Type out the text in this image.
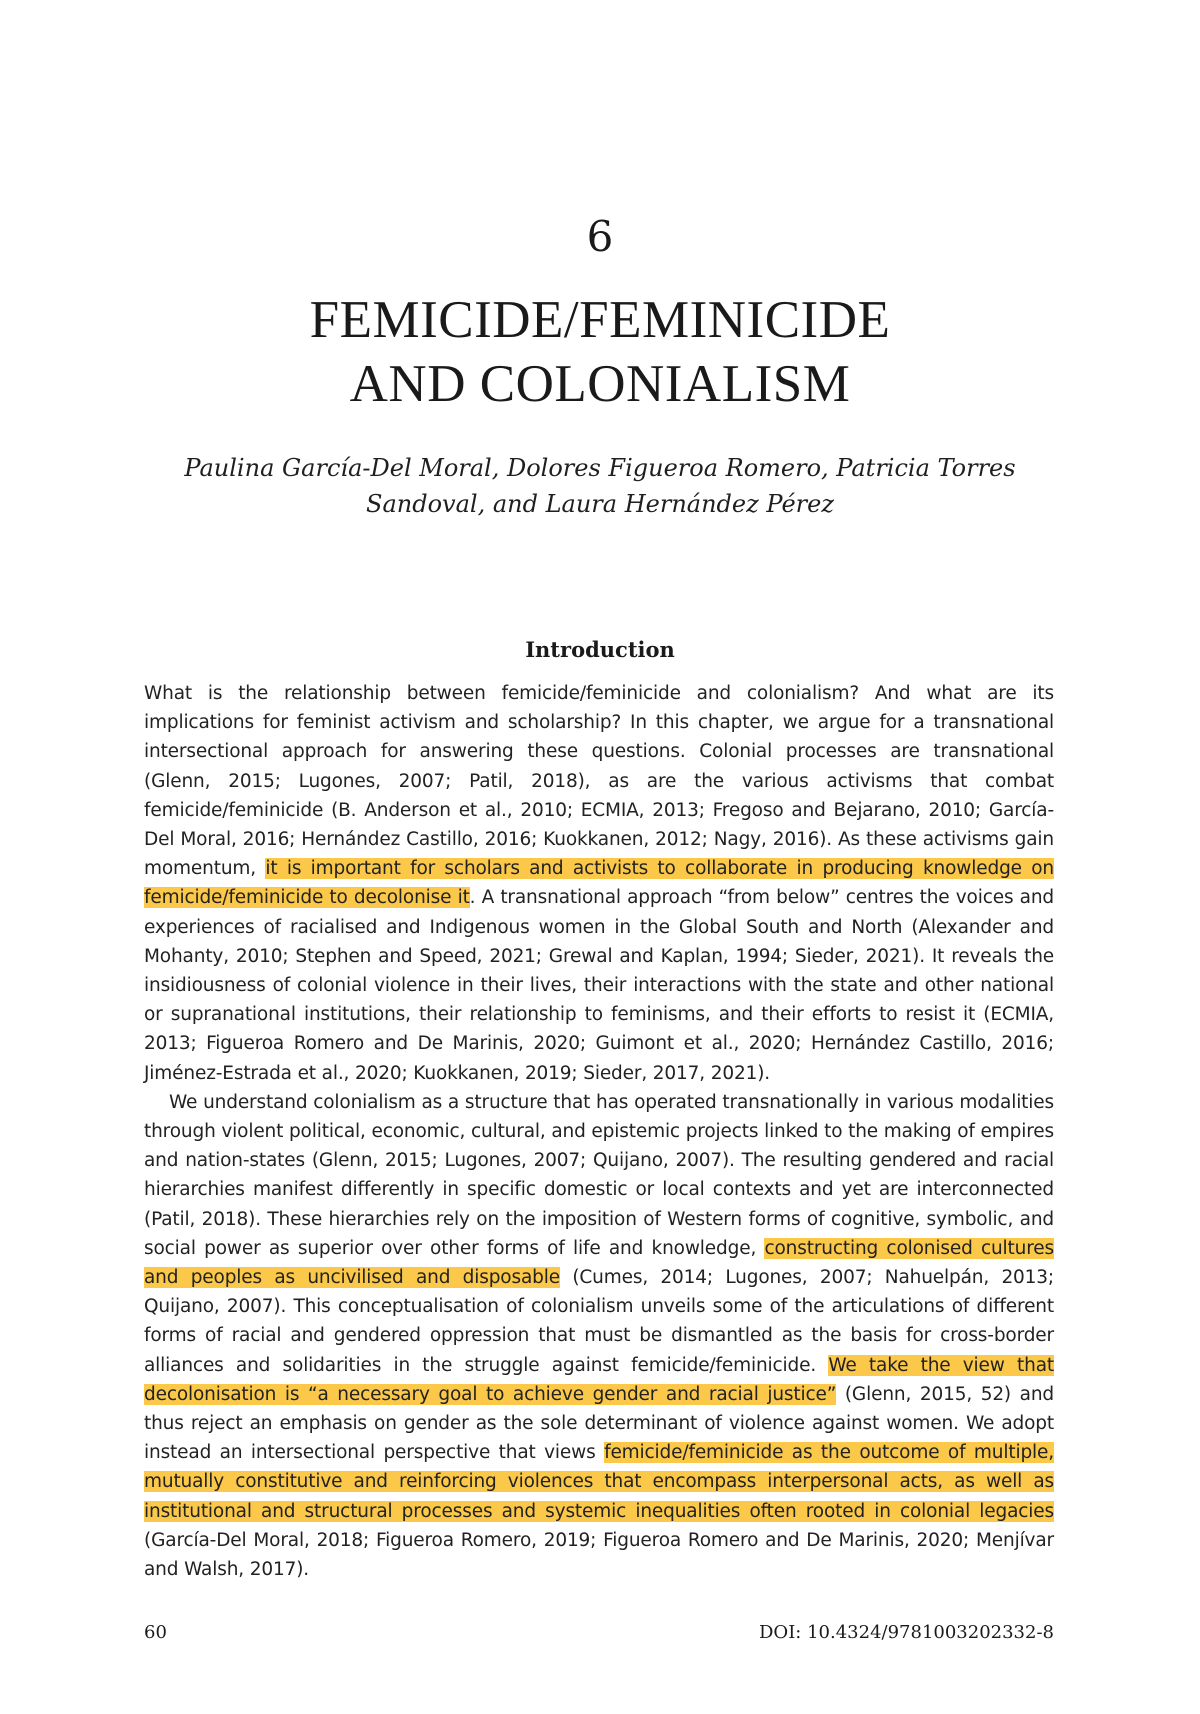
6
FEMICIDE/FEMINICIDE
AND COLONIALISM
Paulina García-Del Moral, Dolores Figueroa Romero, Patricia Torres
Sandoval, and Laura Hernández Pérez
Introduction

What is the relationship between femicide/feminicide and colonialism? And what are its implications for feminist activism and scholarship? In this chapter, we argue for a transnational intersectional approach for answering these questions. Colonial processes are transnational (Glenn, 2015; Lugones, 2007; Patil, 2018), as are the various activisms that combat femicide/feminicide (B. Anderson et al., 2010; ECMIA, 2013; Fregoso and Bejarano, 2010; García-Del Moral, 2016; Hernández Castillo, 2016; Kuokkanen, 2012; Nagy, 2016). As these activisms gain momentum, it is important for scholars and activists to collaborate in producing knowledge on femicide/feminicide to decolonise it. A transnational approach “from below” centres the voices and experiences of racialised and Indigenous women in the Global South and North (Alexander and Mohanty, 2010; Stephen and Speed, 2021; Grewal and Kaplan, 1994; Sieder, 2021). It reveals the insidiousness of colonial violence in their lives, their interactions with the state and other national or supranational institutions, their relationship to feminisms, and their efforts to resist it (ECMIA, 2013; Figueroa Romero and De Marinis, 2020; Guimont et al., 2020; Hernández Castillo, 2016; Jiménez-Estrada et al., 2020; Kuokkanen, 2019; Sieder, 2017, 2021).

We understand colonialism as a structure that has operated transnationally in various modalities through violent political, economic, cultural, and epistemic projects linked to the making of empires and nation-states (Glenn, 2015; Lugones, 2007; Quijano, 2007). The resulting gendered and racial hierarchies manifest differently in specific domestic or local contexts and yet are interconnected (Patil, 2018). These hierarchies rely on the imposition of Western forms of cognitive, symbolic, and social power as superior over other forms of life and knowledge, constructing colonised cultures and peoples as uncivilised and disposable (Cumes, 2014; Lugones, 2007; Nahuelpán, 2013; Quijano, 2007). This conceptualisation of colonialism unveils some of the articulations of different forms of racial and gendered oppression that must be dismantled as the basis for cross-border alliances and solidarities in the struggle against femicide/feminicide. We take the view that decolonisation is “a necessary goal to achieve gender and racial justice” (Glenn, 2015, 52) and thus reject an emphasis on gender as the sole determinant of violence against women. We adopt instead an intersectional perspective that views femicide/feminicide as the outcome of multiple, mutually constitutive and reinforcing violences that encompass interpersonal acts, as well as institutional and structural processes and systemic inequalities often rooted in colonial legacies (García-Del Moral, 2018; Figueroa Romero, 2019; Figueroa Romero and De Marinis, 2020; Menjívar and Walsh, 2017).

60	DOI: 10.4324/9781003202332-8
